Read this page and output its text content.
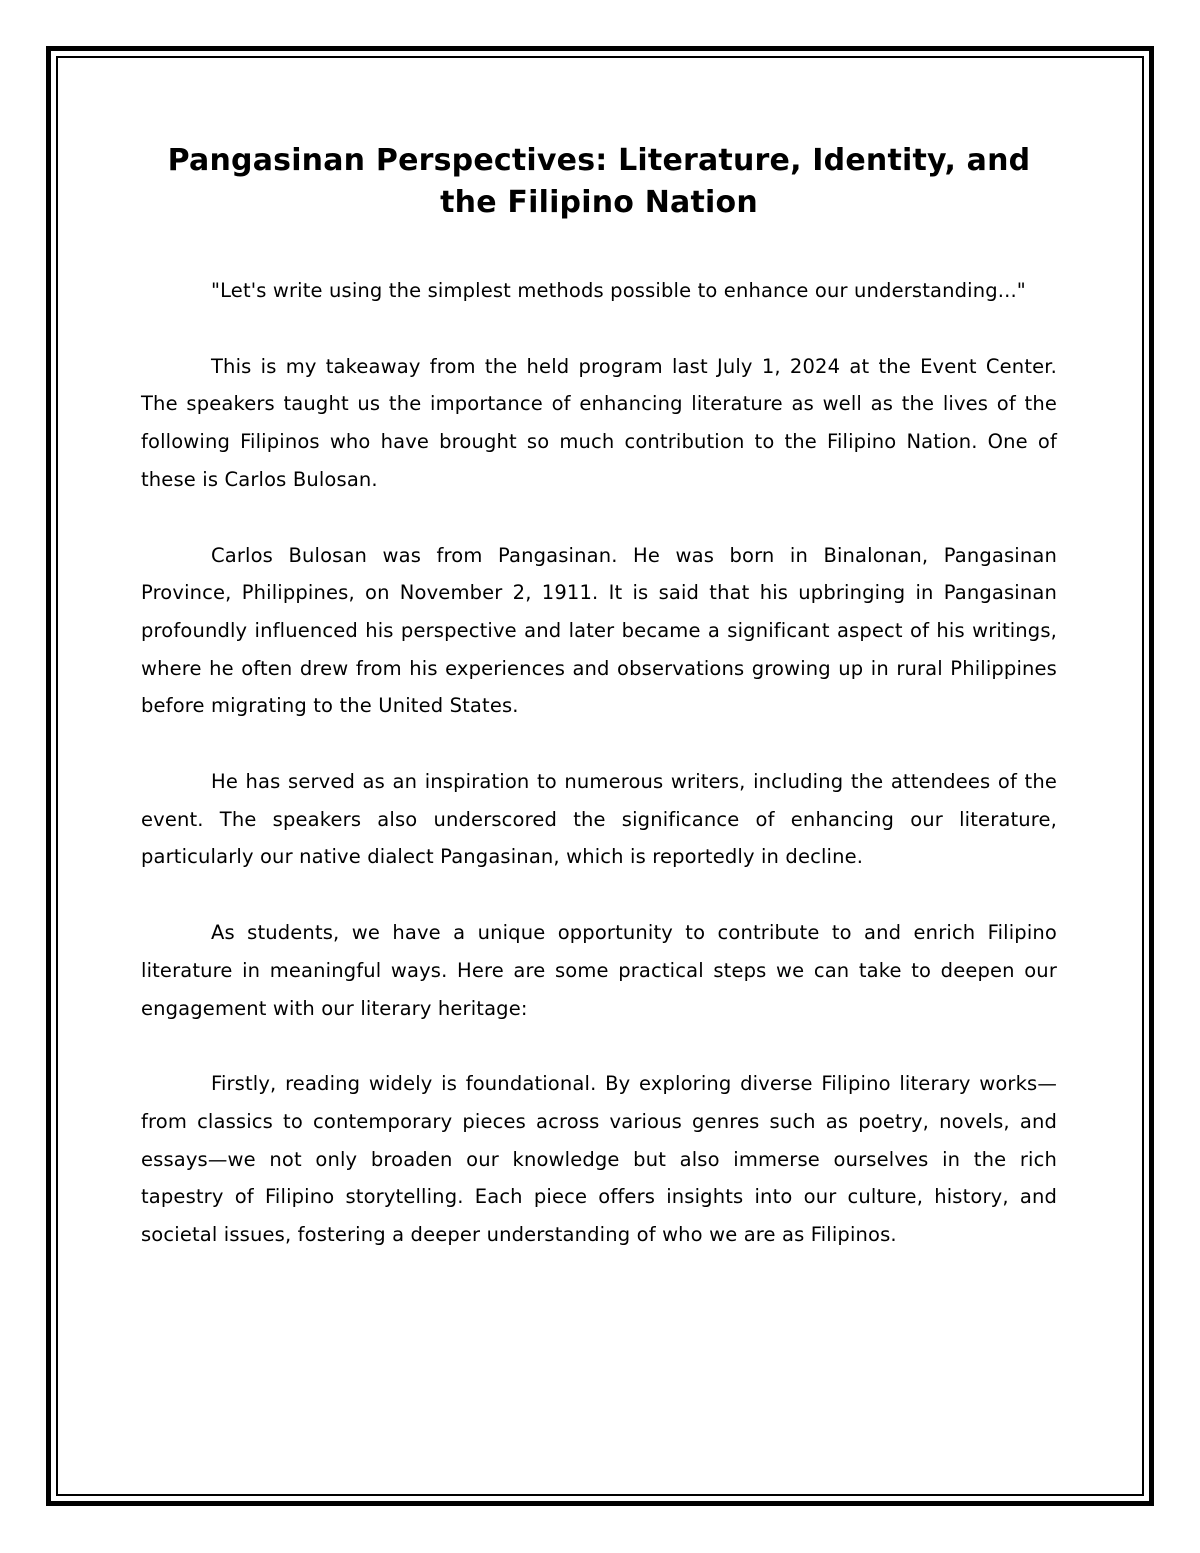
Pangasinan Perspectives: Literature, Identity, and the Filipino Nation

"Let's write using the simplest methods possible to enhance our understanding..."

This is my takeaway from the held program last July 1, 2024 at the Event Center. The speakers taught us the importance of enhancing literature as well as the lives of the following Filipinos who have brought so much contribution to the Filipino Nation. One of these is Carlos Bulosan.

Carlos Bulosan was from Pangasinan. He was born in Binalonan, Pangasinan Province, Philippines, on November 2, 1911. It is said that his upbringing in Pangasinan profoundly influenced his perspective and later became a significant aspect of his writings, where he often drew from his experiences and observations growing up in rural Philippines before migrating to the United States.

He has served as an inspiration to numerous writers, including the attendees of the event. The speakers also underscored the significance of enhancing our literature, particularly our native dialect Pangasinan, which is reportedly in decline.

As students, we have a unique opportunity to contribute to and enrich Filipino literature in meaningful ways. Here are some practical steps we can take to deepen our engagement with our literary heritage:

Firstly, reading widely is foundational. By exploring diverse Filipino literary works—from classics to contemporary pieces across various genres such as poetry, novels, and essays—we not only broaden our knowledge but also immerse ourselves in the rich tapestry of Filipino storytelling. Each piece offers insights into our culture, history, and societal issues, fostering a deeper understanding of who we are as Filipinos.
